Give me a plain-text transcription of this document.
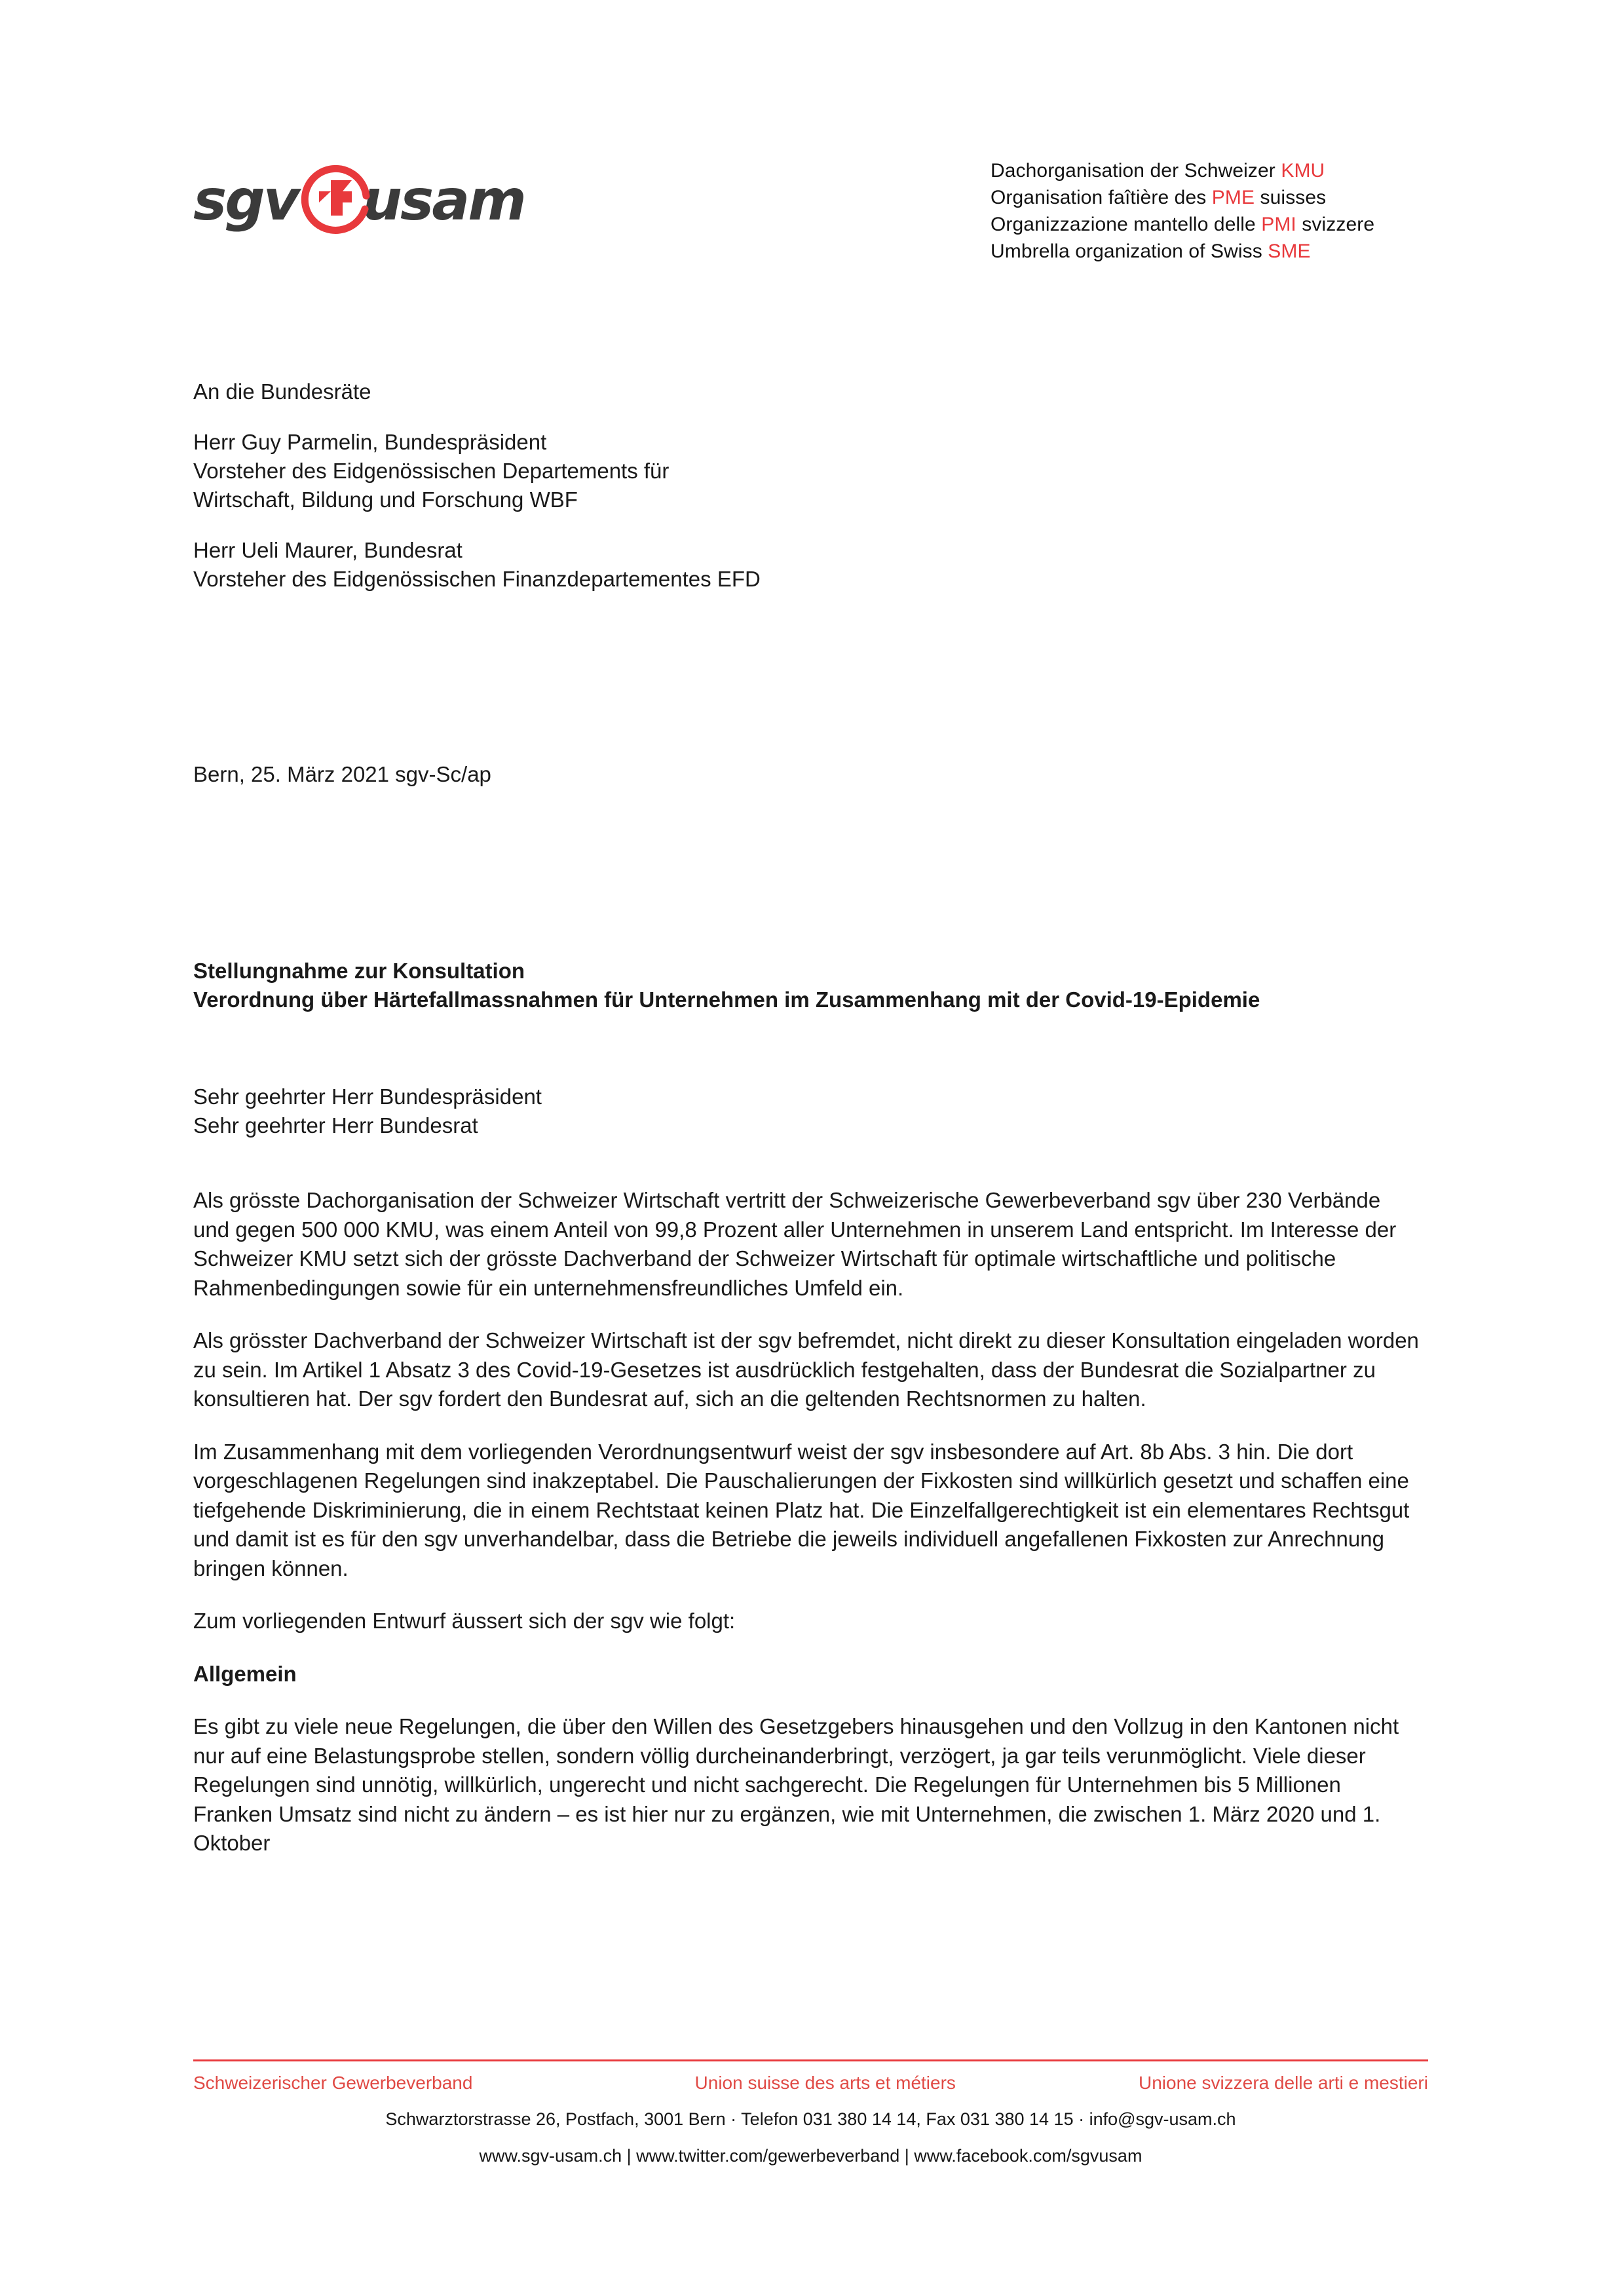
sgv usam	Dachorganisation der Schweizer KMU
Organisation faîtière des PME suisses
Organizzazione mantello delle PMI svizzere
Umbrella organization of Swiss SME
An die Bundesräte
Herr Guy Parmelin, Bundespräsident
Vorsteher des Eidgenössischen Departements für
Wirtschaft, Bildung und Forschung WBF
Herr Ueli Maurer, Bundesrat
Vorsteher des Eidgenössischen Finanzdepartementes EFD
Bern, 25. März 2021 sgv-Sc/ap
Stellungnahme zur Konsultation
Verordnung über Härtefallmassnahmen für Unternehmen im Zusammenhang mit der Covid-19-Epidemie
Sehr geehrter Herr Bundespräsident
Sehr geehrter Herr Bundesrat

Als grösste Dachorganisation der Schweizer Wirtschaft vertritt der Schweizerische Gewerbeverband sgv über 230 Verbände und gegen 500 000 KMU, was einem Anteil von 99,8 Prozent aller Unternehmen in unserem Land entspricht. Im Interesse der Schweizer KMU setzt sich der grösste Dachverband der Schweizer Wirtschaft für optimale wirtschaftliche und politische Rahmenbedingungen sowie für ein unternehmensfreundliches Umfeld ein.

Als grösster Dachverband der Schweizer Wirtschaft ist der sgv befremdet, nicht direkt zu dieser Konsultation eingeladen worden zu sein. Im Artikel 1 Absatz 3 des Covid-19-Gesetzes ist ausdrücklich festgehalten, dass der Bundesrat die Sozialpartner zu konsultieren hat. Der sgv fordert den Bundesrat auf, sich an die geltenden Rechtsnormen zu halten.

Im Zusammenhang mit dem vorliegenden Verordnungsentwurf weist der sgv insbesondere auf Art. 8b Abs. 3 hin. Die dort vorgeschlagenen Regelungen sind inakzeptabel. Die Pauschalierungen der Fixkosten sind willkürlich gesetzt und schaffen eine tiefgehende Diskriminierung, die in einem Rechtstaat keinen Platz hat. Die Einzelfallgerechtigkeit ist ein elementares Rechtsgut und damit ist es für den sgv unverhandelbar, dass die Betriebe die jeweils individuell angefallenen Fixkosten zur Anrechnung bringen können.

Zum vorliegenden Entwurf äussert sich der sgv wie folgt:

Allgemein

Es gibt zu viele neue Regelungen, die über den Willen des Gesetzgebers hinausgehen und den Vollzug in den Kantonen nicht nur auf eine Belastungsprobe stellen, sondern völlig durcheinanderbringt, verzögert, ja gar teils verunmöglicht. Viele dieser Regelungen sind unnötig, willkürlich, ungerecht und nicht sachgerecht. Die Regelungen für Unternehmen bis 5 Millionen Franken Umsatz sind nicht zu ändern – es ist hier nur zu ergänzen, wie mit Unternehmen, die zwischen 1. März 2020 und 1. Oktober

Schweizerischer Gewerbeverband	Union suisse des arts et métiers	Unione svizzera delle arti e mestieri
Schwarztorstrasse 26, Postfach, 3001 Bern · Telefon 031 380 14 14, Fax 031 380 14 15 · info@sgv-usam.ch
www.sgv-usam.ch | www.twitter.com/gewerbeverband | www.facebook.com/sgvusam
